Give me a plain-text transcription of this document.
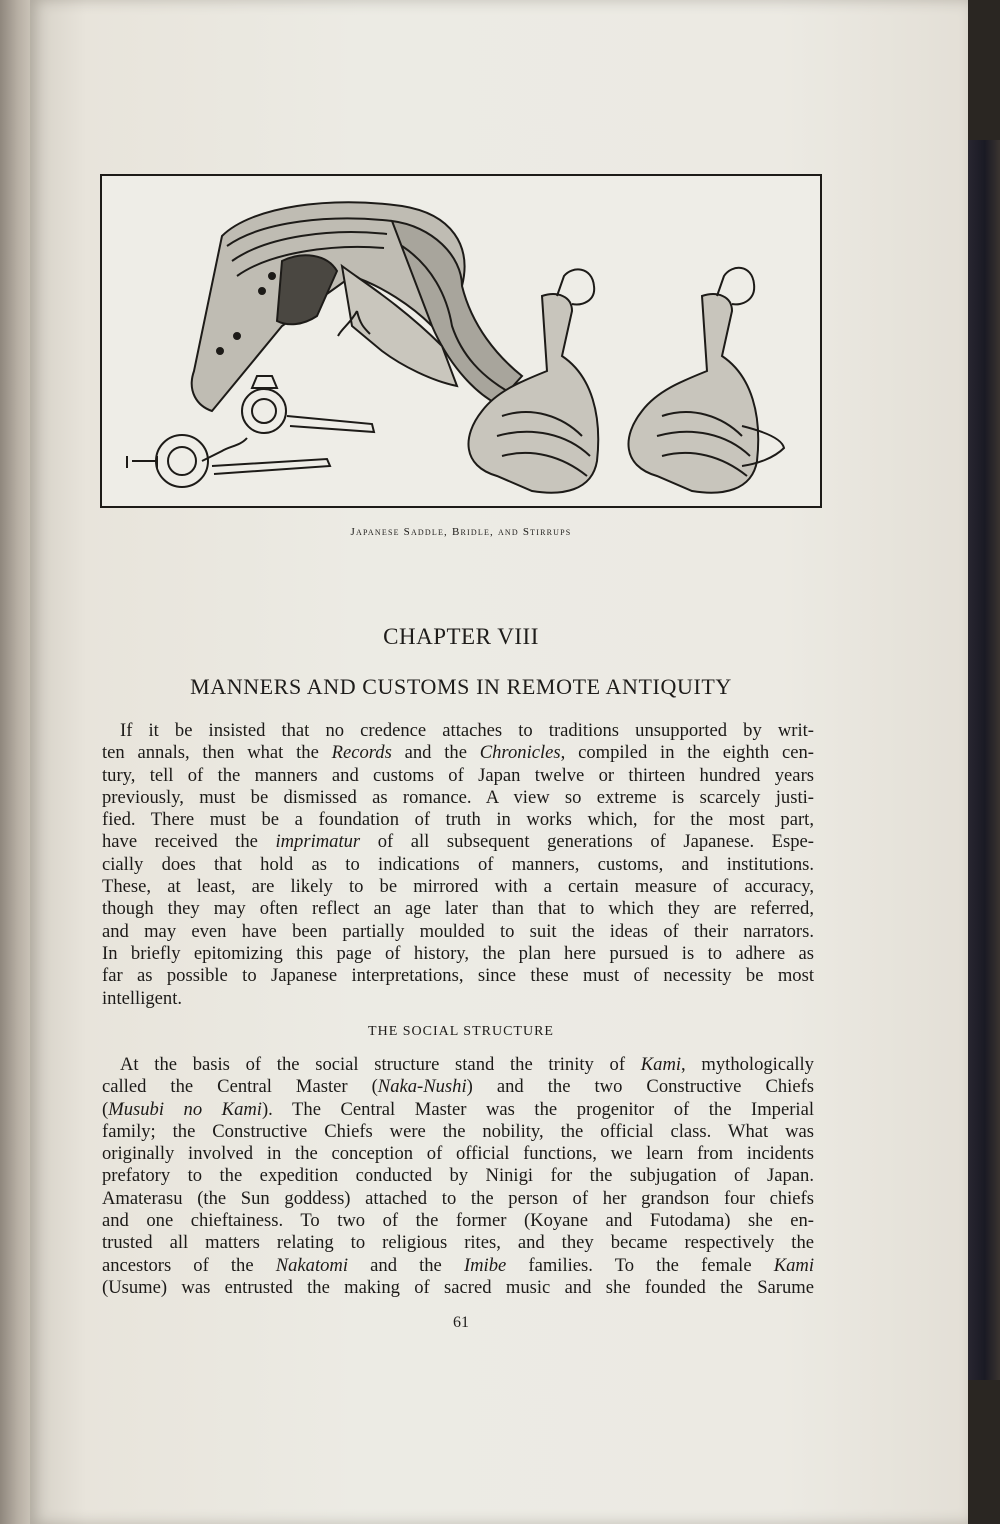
Japanese Saddle, Bridle, and Stirrups
CHAPTER VIII
MANNERS AND CUSTOMS IN REMOTE ANTIQUITY
If it be insisted that no credence attaches to traditions unsupported by writ-
ten annals, then what the Records and the Chronicles, compiled in the eighth cen-
tury, tell of the manners and customs of Japan twelve or thirteen hundred years
previously, must be dismissed as romance. A view so extreme is scarcely justi-
fied. There must be a foundation of truth in works which, for the most part,
have received the imprimatur of all subsequent generations of Japanese. Espe-
cially does that hold as to indications of manners, customs, and institutions.
These, at least, are likely to be mirrored with a certain measure of accuracy,
though they may often reflect an age later than that to which they are referred,
and may even have been partially moulded to suit the ideas of their narrators.
In briefly epitomizing this page of history, the plan here pursued is to adhere as
far as possible to Japanese interpretations, since these must of necessity be most
intelligent.
THE SOCIAL STRUCTURE
At the basis of the social structure stand the trinity of Kami, mythologically
called the Central Master (Naka-Nushi) and the two Constructive Chiefs
(Musubi no Kami). The Central Master was the progenitor of the Imperial
family; the Constructive Chiefs were the nobility, the official class. What was
originally involved in the conception of official functions, we learn from incidents
prefatory to the expedition conducted by Ninigi for the subjugation of Japan.
Amaterasu (the Sun goddess) attached to the person of her grandson four chiefs
and one chieftainess. To two of the former (Koyane and Futodama) she en-
trusted all matters relating to religious rites, and they became respectively the
ancestors of the Nakatomi and the Imibe families. To the female Kami
(Usume) was entrusted the making of sacred music and she founded the Sarume
61
